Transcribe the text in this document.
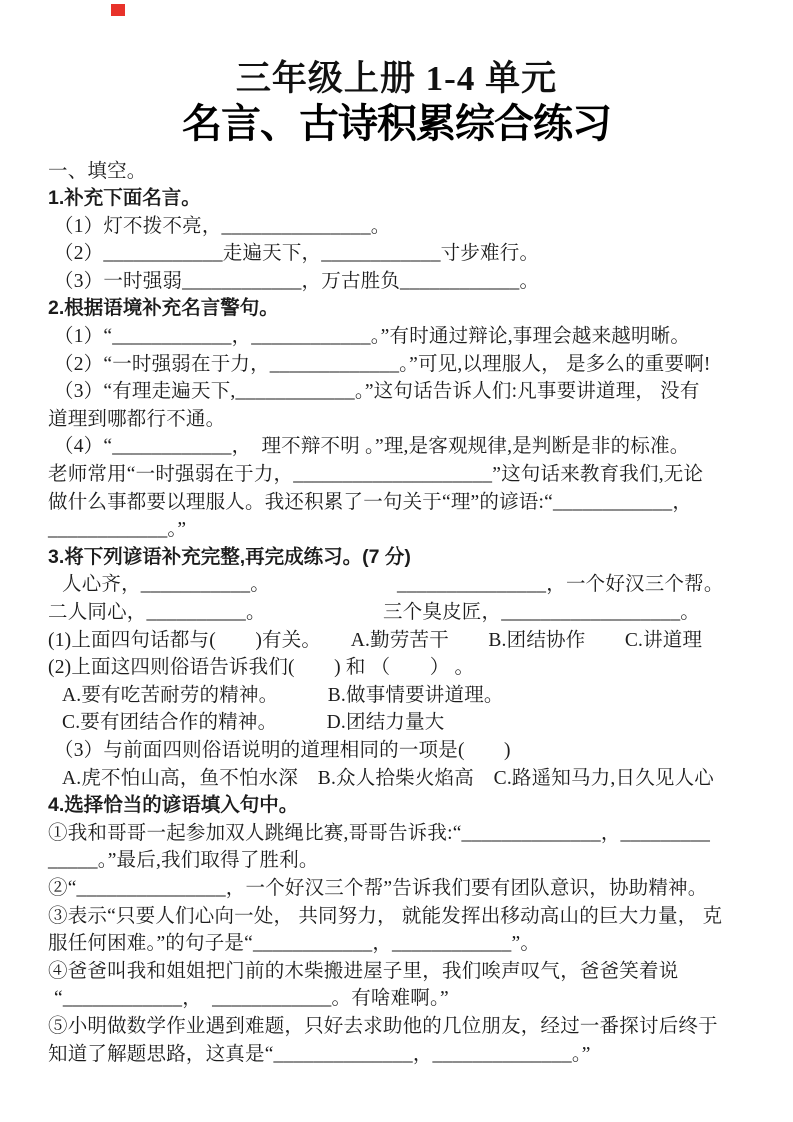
三年级上册 1-4 单元
名言、古诗积累综合练习
一、填空。
1.补充下面名言。
（1）灯不拨不亮，_______________。
（2）____________走遍天下，____________寸步难行。
（3）一时强弱____________，万古胜负____________。
2.根据语境补充名言警句。
（1）“____________，____________。”有时通过辩论,事理会越来越明晰。
（2）“一时强弱在于力，_____________。”可见,以理服人， 是多么的重要啊!
（3）“有理走遍天下,____________。”这句话告诉人们:凡事要讲道理， 没有
道理到哪都行不通。
（4）“____________，  理不辩不明 。”理,是客观规律,是判断是非的标准。
老师常用“一时强弱在于力，____________________”这句话来教育我们,无论
做什么事都要以理服人。我还积累了一句关于“理”的谚语:“____________，
____________。”
3.将下列谚语补充完整,再完成练习。(7 分)
人心齐，___________。	_______________，一个好汉三个帮。
二人同心，__________。	三个臭皮匠，__________________。
(1)上面四句话都与(　　)有关。　　A.勤劳苦干　　B.团结协作　　C.讲道理
(2)上面这四则俗语告诉我们(　　) 和 （　　） 。
A.要有吃苦耐劳的精神。　　　B.做事情要讲道理。
C.要有团结合作的精神。　　　D.团结力量大
（3）与前面四则俗语说明的道理相同的一项是(　　)
A.虎不怕山高，鱼不怕水深　B.众人拾柴火焰高　C.路遥知马力,日久见人心
4.选择恰当的谚语填入句中。
①我和哥哥一起参加双人跳绳比赛,哥哥告诉我:“______________，_________
_____。”最后,我们取得了胜利。
②“_______________，一个好汉三个帮”告诉我们要有团队意识，协助精神。
③表示“只要人们心向一处， 共同努力， 就能发挥出移动高山的巨大力量， 克
服任何困难。”的句子是“____________，____________”。
④爸爸叫我和姐姐把门前的木柴搬进屋子里，我们唉声叹气，爸爸笑着说
“____________，  ____________。有啥难啊。”
⑤小明做数学作业遇到难题，只好去求助他的几位朋友，经过一番探讨后终于
知道了解题思路，这真是“______________，______________。”
